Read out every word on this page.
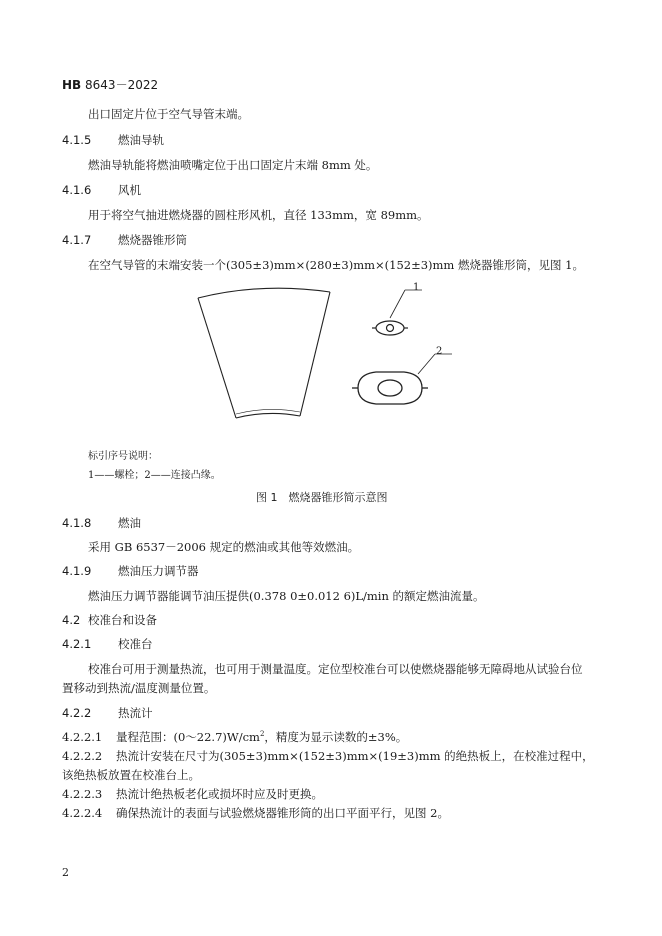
HB 8643－2022
出口固定片位于空气导管末端。
4.1.5 燃油导轨
燃油导轨能将燃油喷嘴定位于出口固定片末端 8mm 处。
4.1.6 风机
用于将空气抽进燃烧器的圆柱形风机，直径 133mm，宽 89mm。
4.1.7 燃烧器锥形筒
在空气导管的末端安装一个(305±3)mm×(280±3)mm×(152±3)mm 燃烧器锥形筒，见图 1。
1
2
标引序号说明：
1——螺栓；2——连接凸缘。
图 1　燃烧器锥形简示意图
4.1.8 燃油
采用 GB 6537－2006 规定的燃油或其他等效燃油。
4.1.9 燃油压力调节器
燃油压力调节器能调节油压提供(0.378 0±0.012 6)L/min 的额定燃油流量。
4.2 校准台和设备
4.2.1 校准台
校准台可用于测量热流，也可用于测量温度。定位型校准台可以使燃烧器能够无障碍地从试验台位
置移动到热流/温度测量位置。
4.2.2 热流计
4.2.2.1 量程范围：$(0\sim 22.7)W/cm^2$，精度为显示读数的±3%。
4.2.2.2 热流计安装在尺寸为(305±3)mm×(152±3)mm×(19±3)mm 的绝热板上，在校准过程中，
该绝热板放置在校准台上。
4.2.2.3 热流计绝热板老化或损坏时应及时更换。
4.2.2.4 确保热流计的表面与试验燃烧器锥形筒的出口平面平行，见图 2。
2
